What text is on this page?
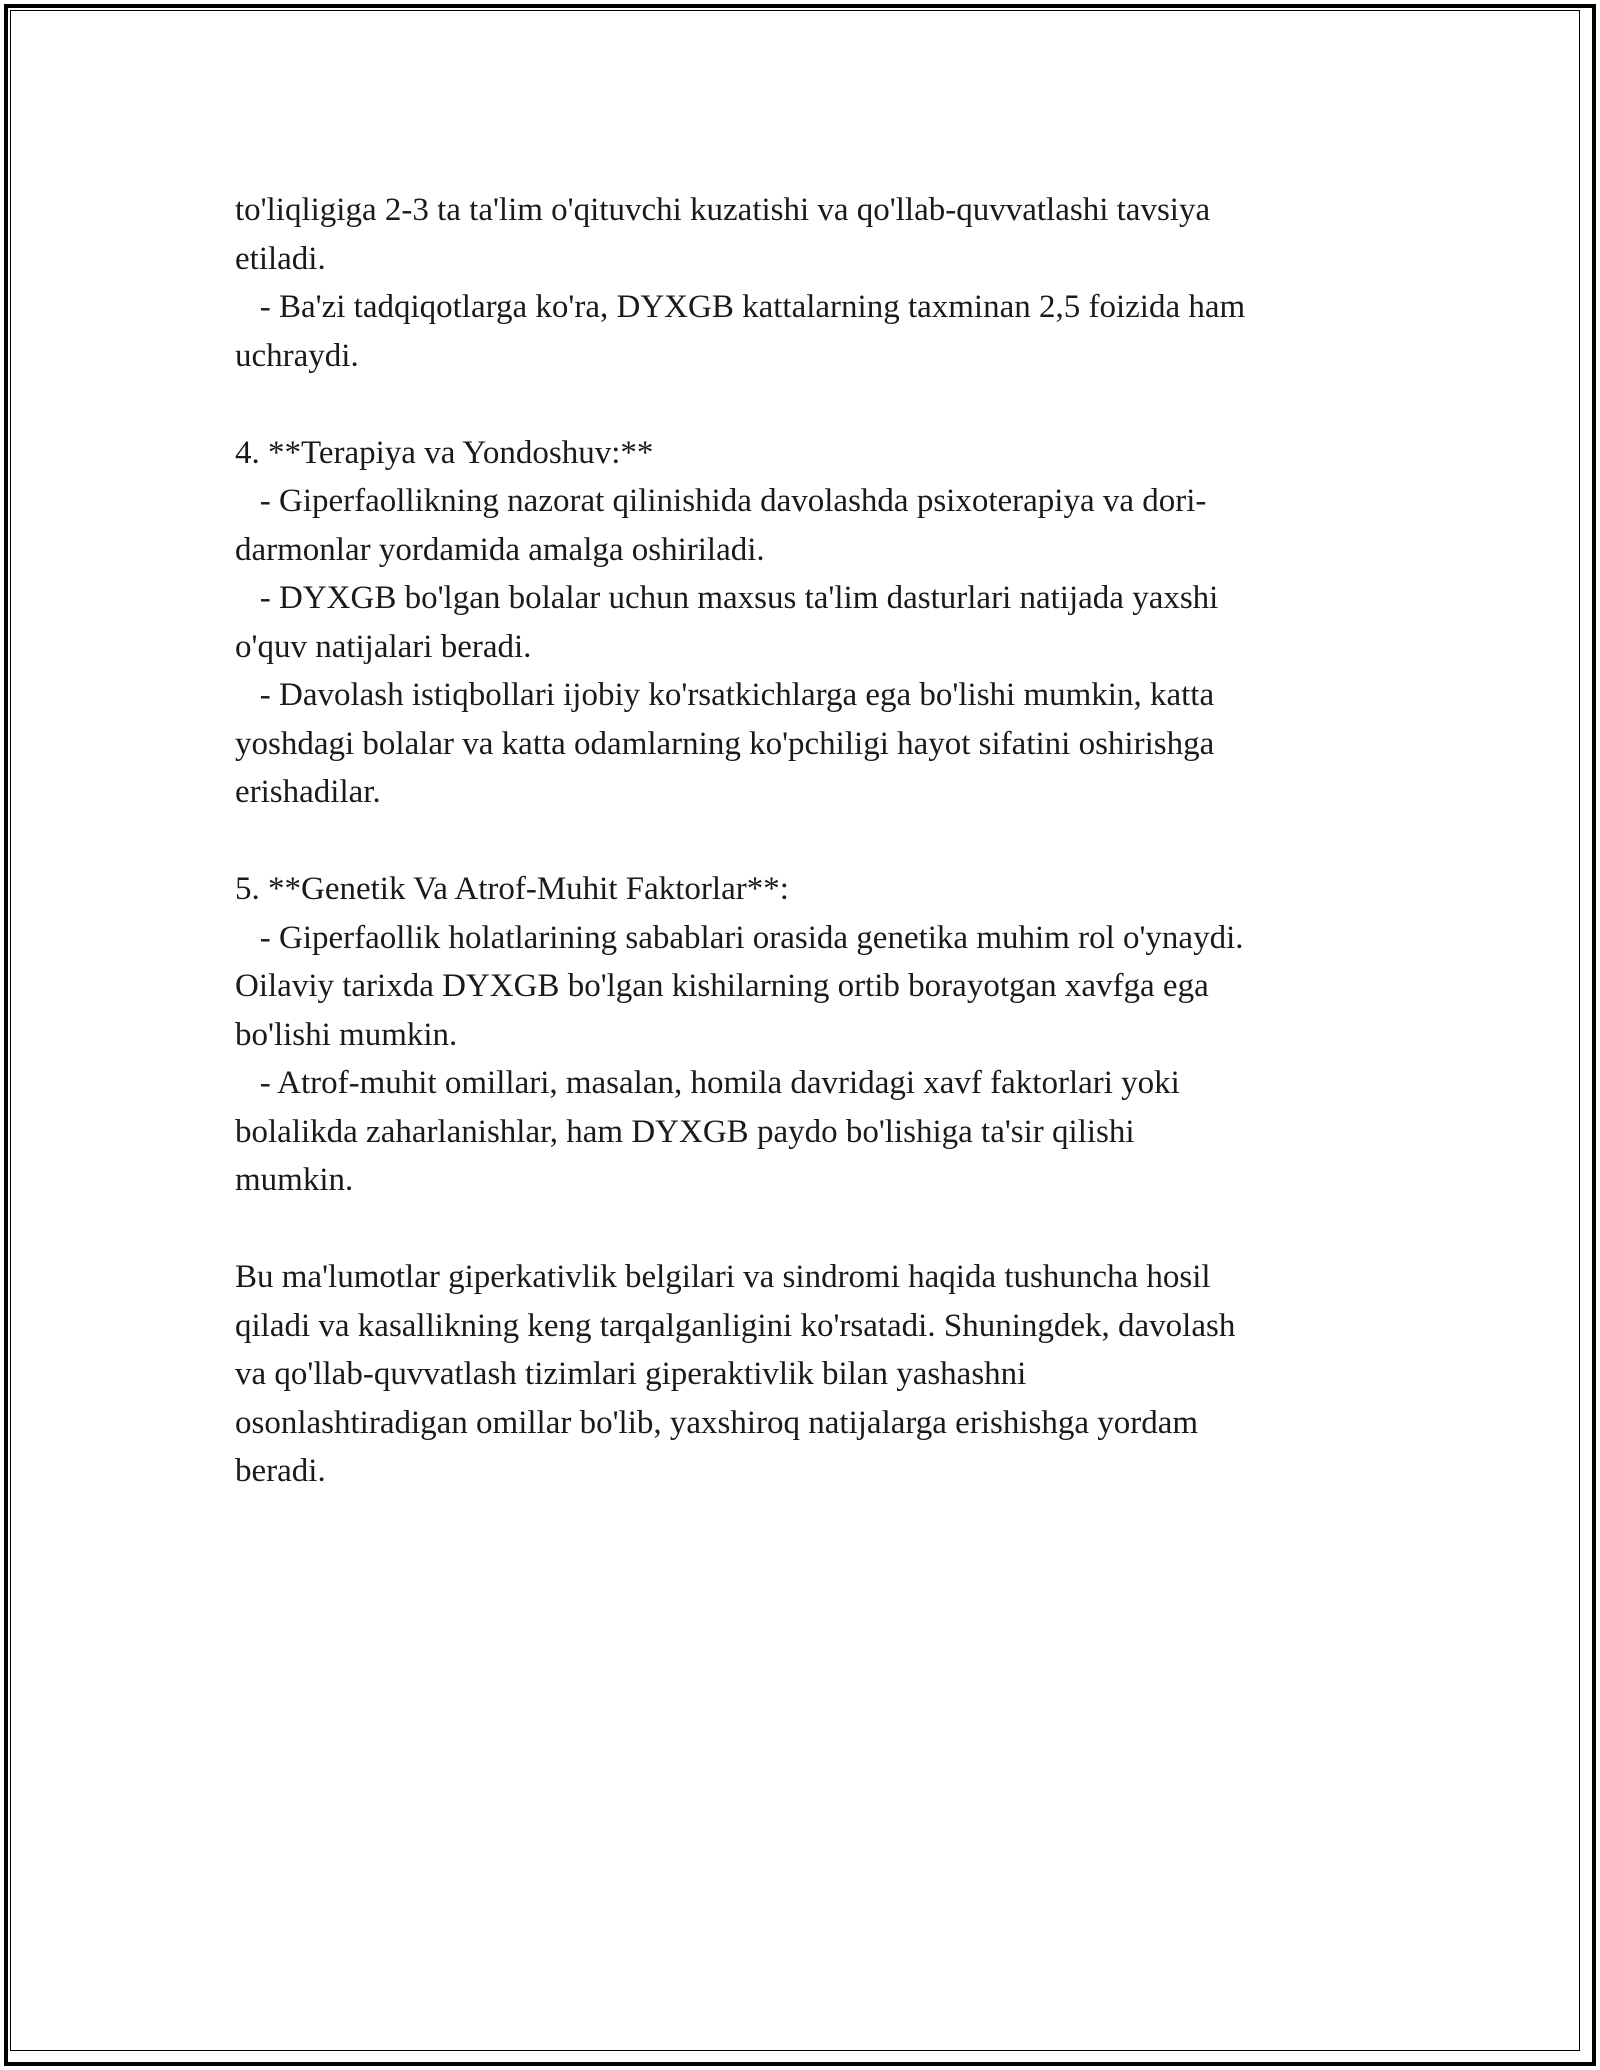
to'liqligiga 2-3 ta ta'lim o'qituvchi kuzatishi va qo'llab-quvvatlashi tavsiya
etiladi.
- Ba'zi tadqiqotlarga ko'ra, DYXGB kattalarning taxminan 2,5 foizida ham
uchraydi.
4. **Terapiya va Yondoshuv:**
- Giperfaollikning nazorat qilinishida davolashda psixoterapiya va dori-
darmonlar yordamida amalga oshiriladi.
- DYXGB bo'lgan bolalar uchun maxsus ta'lim dasturlari natijada yaxshi
o'quv natijalari beradi.
- Davolash istiqbollari ijobiy ko'rsatkichlarga ega bo'lishi mumkin, katta
yoshdagi bolalar va katta odamlarning ko'pchiligi hayot sifatini oshirishga
erishadilar.
5. **Genetik Va Atrof-Muhit Faktorlar**:
- Giperfaollik holatlarining sabablari orasida genetika muhim rol o'ynaydi.
Oilaviy tarixda DYXGB bo'lgan kishilarning ortib borayotgan xavfga ega
bo'lishi mumkin.
- Atrof-muhit omillari, masalan, homila davridagi xavf faktorlari yoki
bolalikda zaharlanishlar, ham DYXGB paydo bo'lishiga ta'sir qilishi
mumkin.
Bu ma'lumotlar giperkativlik belgilari va sindromi haqida tushuncha hosil
qiladi va kasallikning keng tarqalganligini ko'rsatadi. Shuningdek, davolash
va qo'llab-quvvatlash tizimlari giperaktivlik bilan yashashni
osonlashtiradigan omillar bo'lib, yaxshiroq natijalarga erishishga yordam
beradi.
